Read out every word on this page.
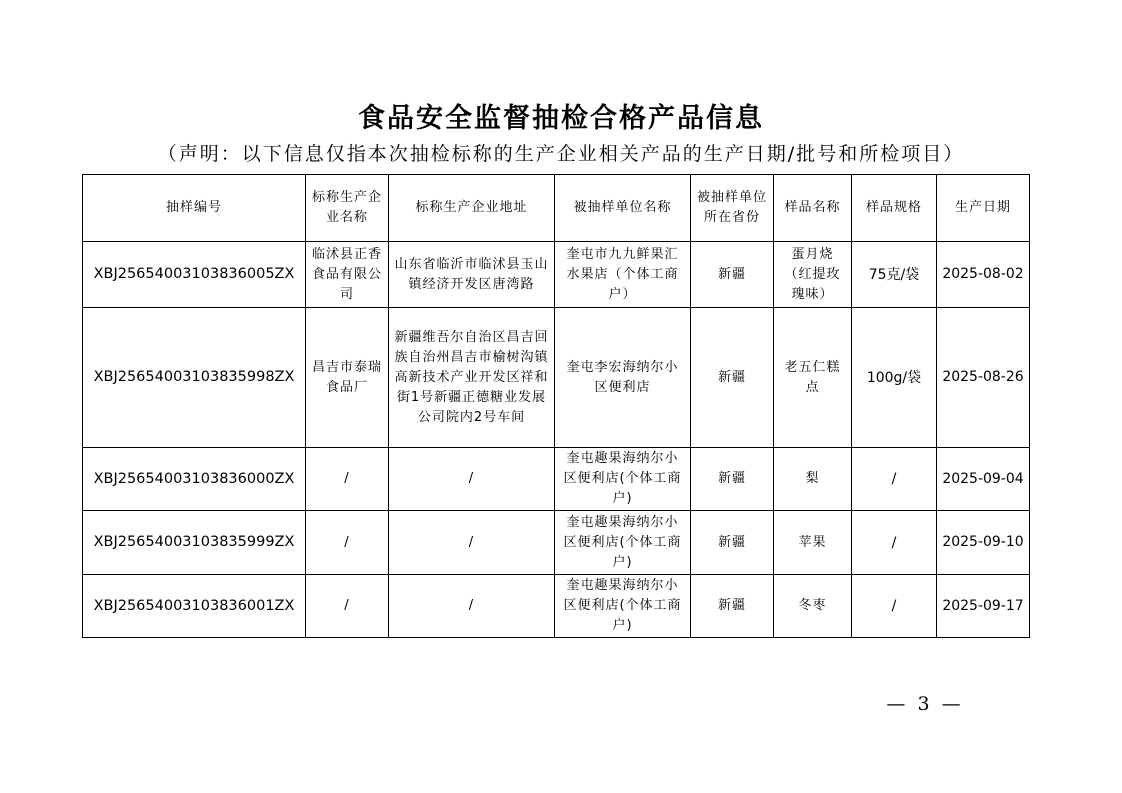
食品安全监督抽检合格产品信息
（声明：以下信息仅指本次抽检标称的生产企业相关产品的生产日期/批号和所检项目）
抽样编号	标称生产企业名称	标称生产企业地址	被抽样单位名称	被抽样单位所在省份	样品名称	样品规格	生产日期
XBJ25654003103836005ZX	临沭县正香食品有限公司	山东省临沂市临沭县玉山镇经济开发区唐湾路	奎屯市九九鲜果汇水果店（个体工商户）	新疆	蛋月烧（红提玫瑰味）	75克/袋	2025-08-02
XBJ25654003103835998ZX	昌吉市泰瑞食品厂	新疆维吾尔自治区昌吉回族自治州昌吉市榆树沟镇高新技术产业开发区祥和街1号新疆正德糖业发展公司院内2号车间	奎屯李宏海纳尔小区便利店	新疆	老五仁糕点	100g/袋	2025-08-26
XBJ25654003103836000ZX	/	/	奎屯趣果海纳尔小区便利店(个体工商户)	新疆	梨	/	2025-09-04
XBJ25654003103835999ZX	/	/	奎屯趣果海纳尔小区便利店(个体工商户)	新疆	苹果	/	2025-09-10
XBJ25654003103836001ZX	/	/	奎屯趣果海纳尔小区便利店(个体工商户)	新疆	冬枣	/	2025-09-17
— 3 —
